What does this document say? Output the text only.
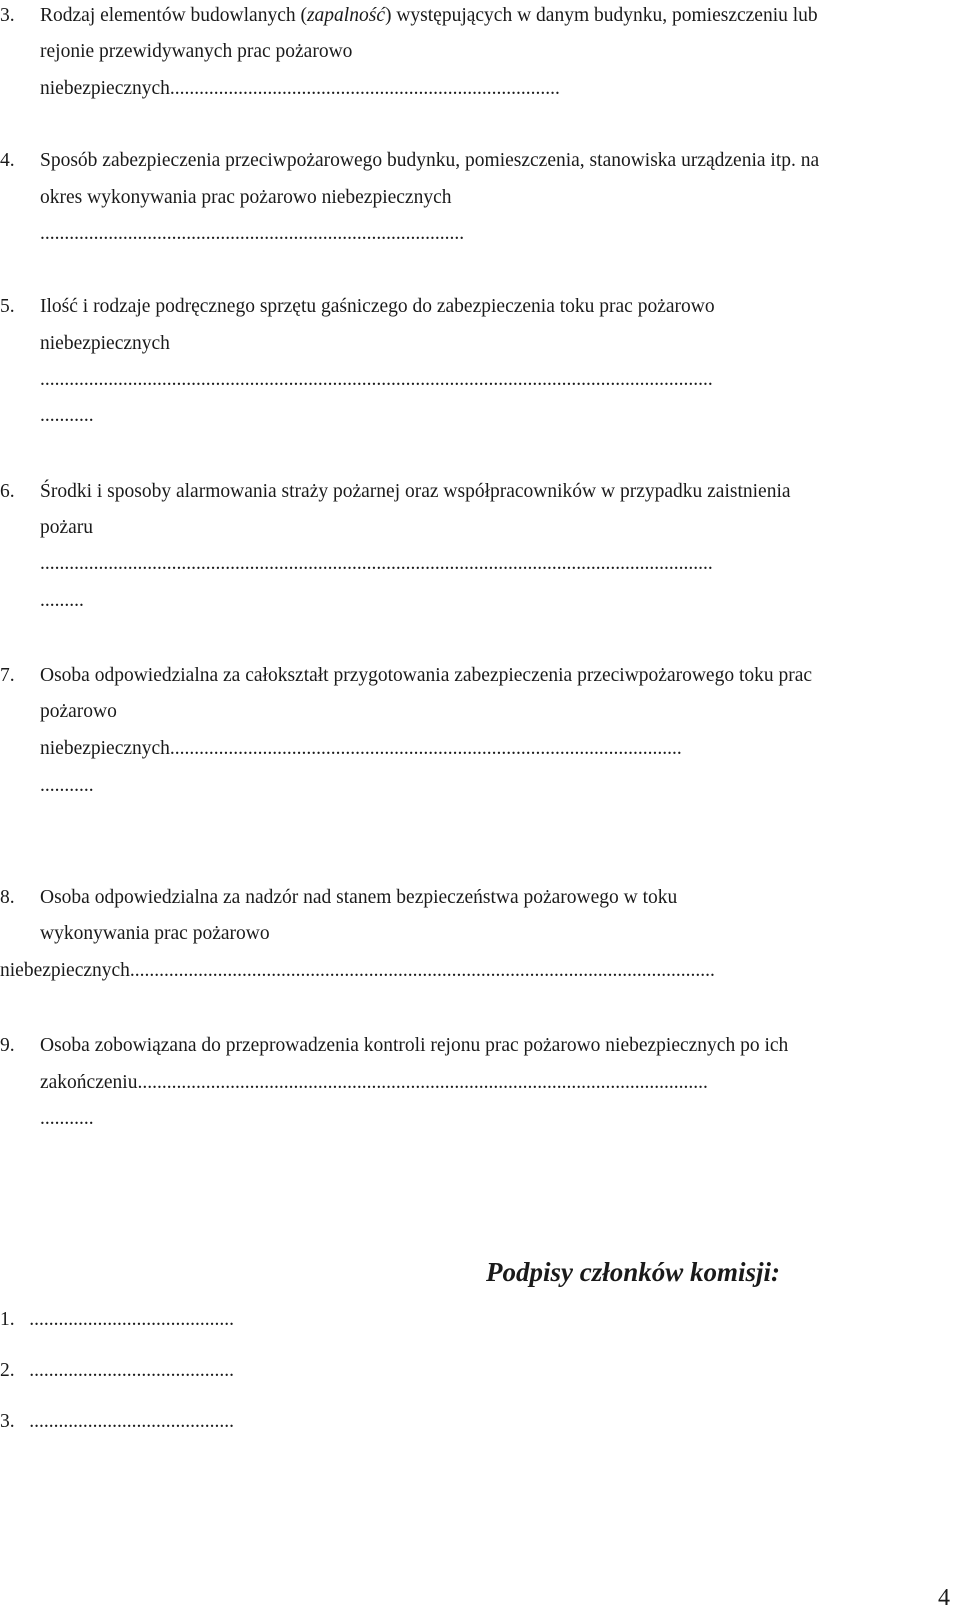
3. Rodzaj elementów budowlanych (zapalność) występujących w danym budynku, pomieszczeniu lub
rejonie przewidywanych prac pożarowo
niebezpiecznych................................................................................
4. Sposób zabezpieczenia przeciwpożarowego budynku, pomieszczenia, stanowiska urządzenia itp. na
okres wykonywania prac pożarowo niebezpiecznych
.......................................................................................
5. Ilość i rodzaje podręcznego sprzętu gaśniczego do zabezpieczenia toku prac pożarowo
niebezpiecznych
..........................................................................................................................................
...........
6. Środki i sposoby alarmowania straży pożarnej oraz współpracowników w przypadku zaistnienia
pożaru
..........................................................................................................................................
.........
7. Osoba odpowiedzialna za całokształt przygotowania zabezpieczenia przeciwpożarowego toku prac
pożarowo
niebezpiecznych.........................................................................................................
...........
8. Osoba odpowiedzialna za nadzór nad stanem bezpieczeństwa pożarowego w toku
wykonywania prac pożarowo
niebezpiecznych........................................................................................................................
9. Osoba zobowiązana do przeprowadzenia kontroli rejonu prac pożarowo niebezpiecznych po ich
zakończeniu.....................................................................................................................
...........
Podpisy członków komisji:
1.   ..........................................
2.   ..........................................
3.   ..........................................
4
